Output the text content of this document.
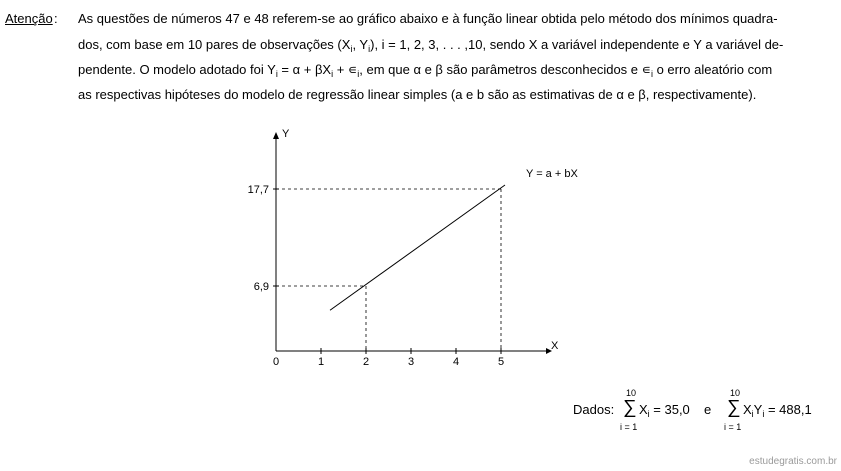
Atenção : As questões de números 47 e 48 referem-se ao gráfico abaixo e à função linear obtida pelo método dos mínimos quadra-
dos, com base em 10 pares de observações ($X_i$, $Y_i$), i = 1, 2, 3, . . . ,10, sendo X a variável independente e Y a variável de-
pendente. O modelo adotado foi $Y_i = \alpha + \beta X_i$ + $∊_i$, em que α e β são parâmetros desconhecidos e $∊_i$ o erro aleatório com
as respectivas hipóteses do modelo de regressão linear simples (a e b são as estimativas de α e β, respectivamente).
X
Y
0	1	2	3	4	5
6,9
17,7
Y = a + bX
Dados:
10
∑
i = 1
$X_i = 35,0$ e
10
∑
i = 1
$X_iY_i = 488,1$
estudegratis.com.br
